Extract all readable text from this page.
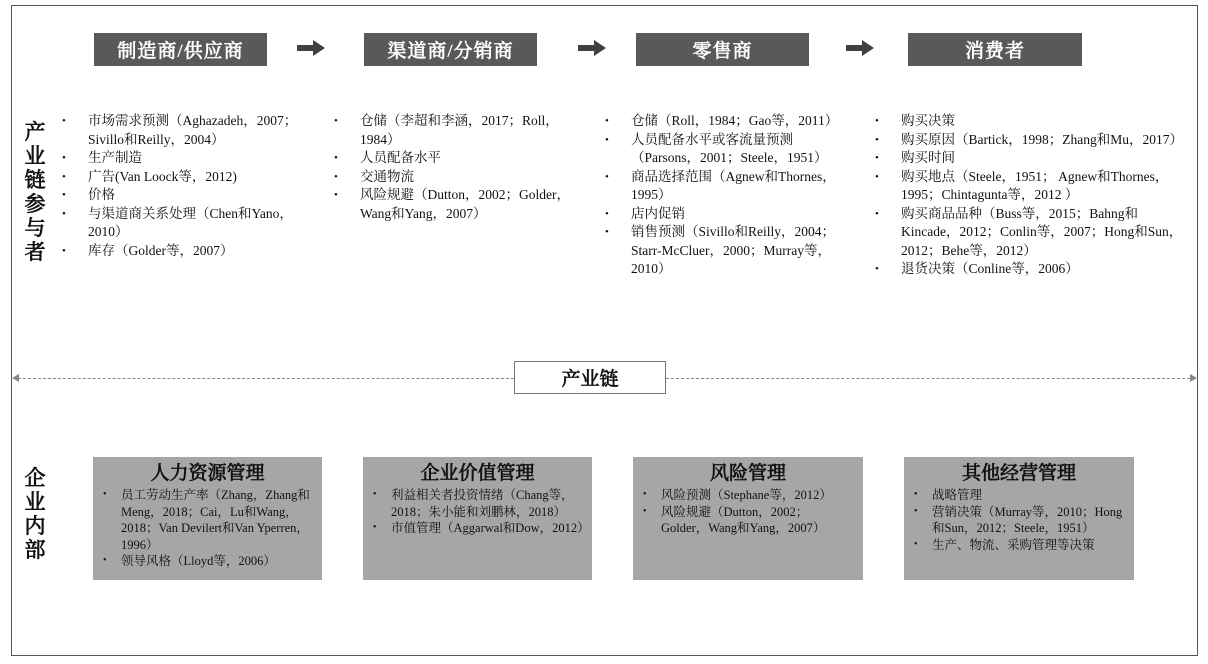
制造商/供应商	渠道商/分销商	零售商	消费者
产
业
链
参
与
者
企
业
内
部
• 市场需求预测（Aghazadeh，2007；Sivillo和Reilly，2004）
• 生产制造
• 广告(Van Loock等，2012)
• 价格
• 与渠道商关系处理（Chen和Yano，2010）
• 库存（Golder等，2007）
• 仓储（李超和李涵，2017；Roll，1984）
• 人员配备水平
• 交通物流
• 风险规避（Dutton，2002；Golder，Wang和Yang，2007）
• 仓储（Roll，1984；Gao等，2011）
• 人员配备水平或客流量预测（Parsons，2001；Steele，1951）
• 商品选择范围（Agnew和Thornes，1995）
• 店内促销
• 销售预测（Sivillo和Reilly，2004； Starr-McCluer，2000；Murray等，2010）
• 购买决策
• 购买原因（Bartick，1998；Zhang和Mu，2017）
• 购买时间
• 购买地点（Steele，1951； Agnew和Thornes，1995；Chintagunta等，2012 ）
• 购买商品品种（Buss等，2015；Bahng和Kincade，2012；Conlin等，2007；Hong和Sun，2012；Behe等，2012）
• 退货决策（Conline等，2006）
产业链
人力资源管理
• 员工劳动生产率（Zhang，Zhang和Meng，2018；Cai，Lu和Wang，2018；Van Devilert和Van Yperren，1996）
• 领导风格（Lloyd等，2006）
企业价值管理
• 利益相关者投资情绪（Chang等，2018；朱小能和刘鹏林，2018）
• 市值管理（Aggarwal和Dow，2012）
风险管理
• 风险预测（Stephane等，2012）
• 风险规避（Dutton，2002；Golder，Wang和Yang，2007）
其他经营管理
• 战略管理
• 营销决策（Murray等，2010；Hong和Sun，2012；Steele，1951）
• 生产、物流、采购管理等决策
